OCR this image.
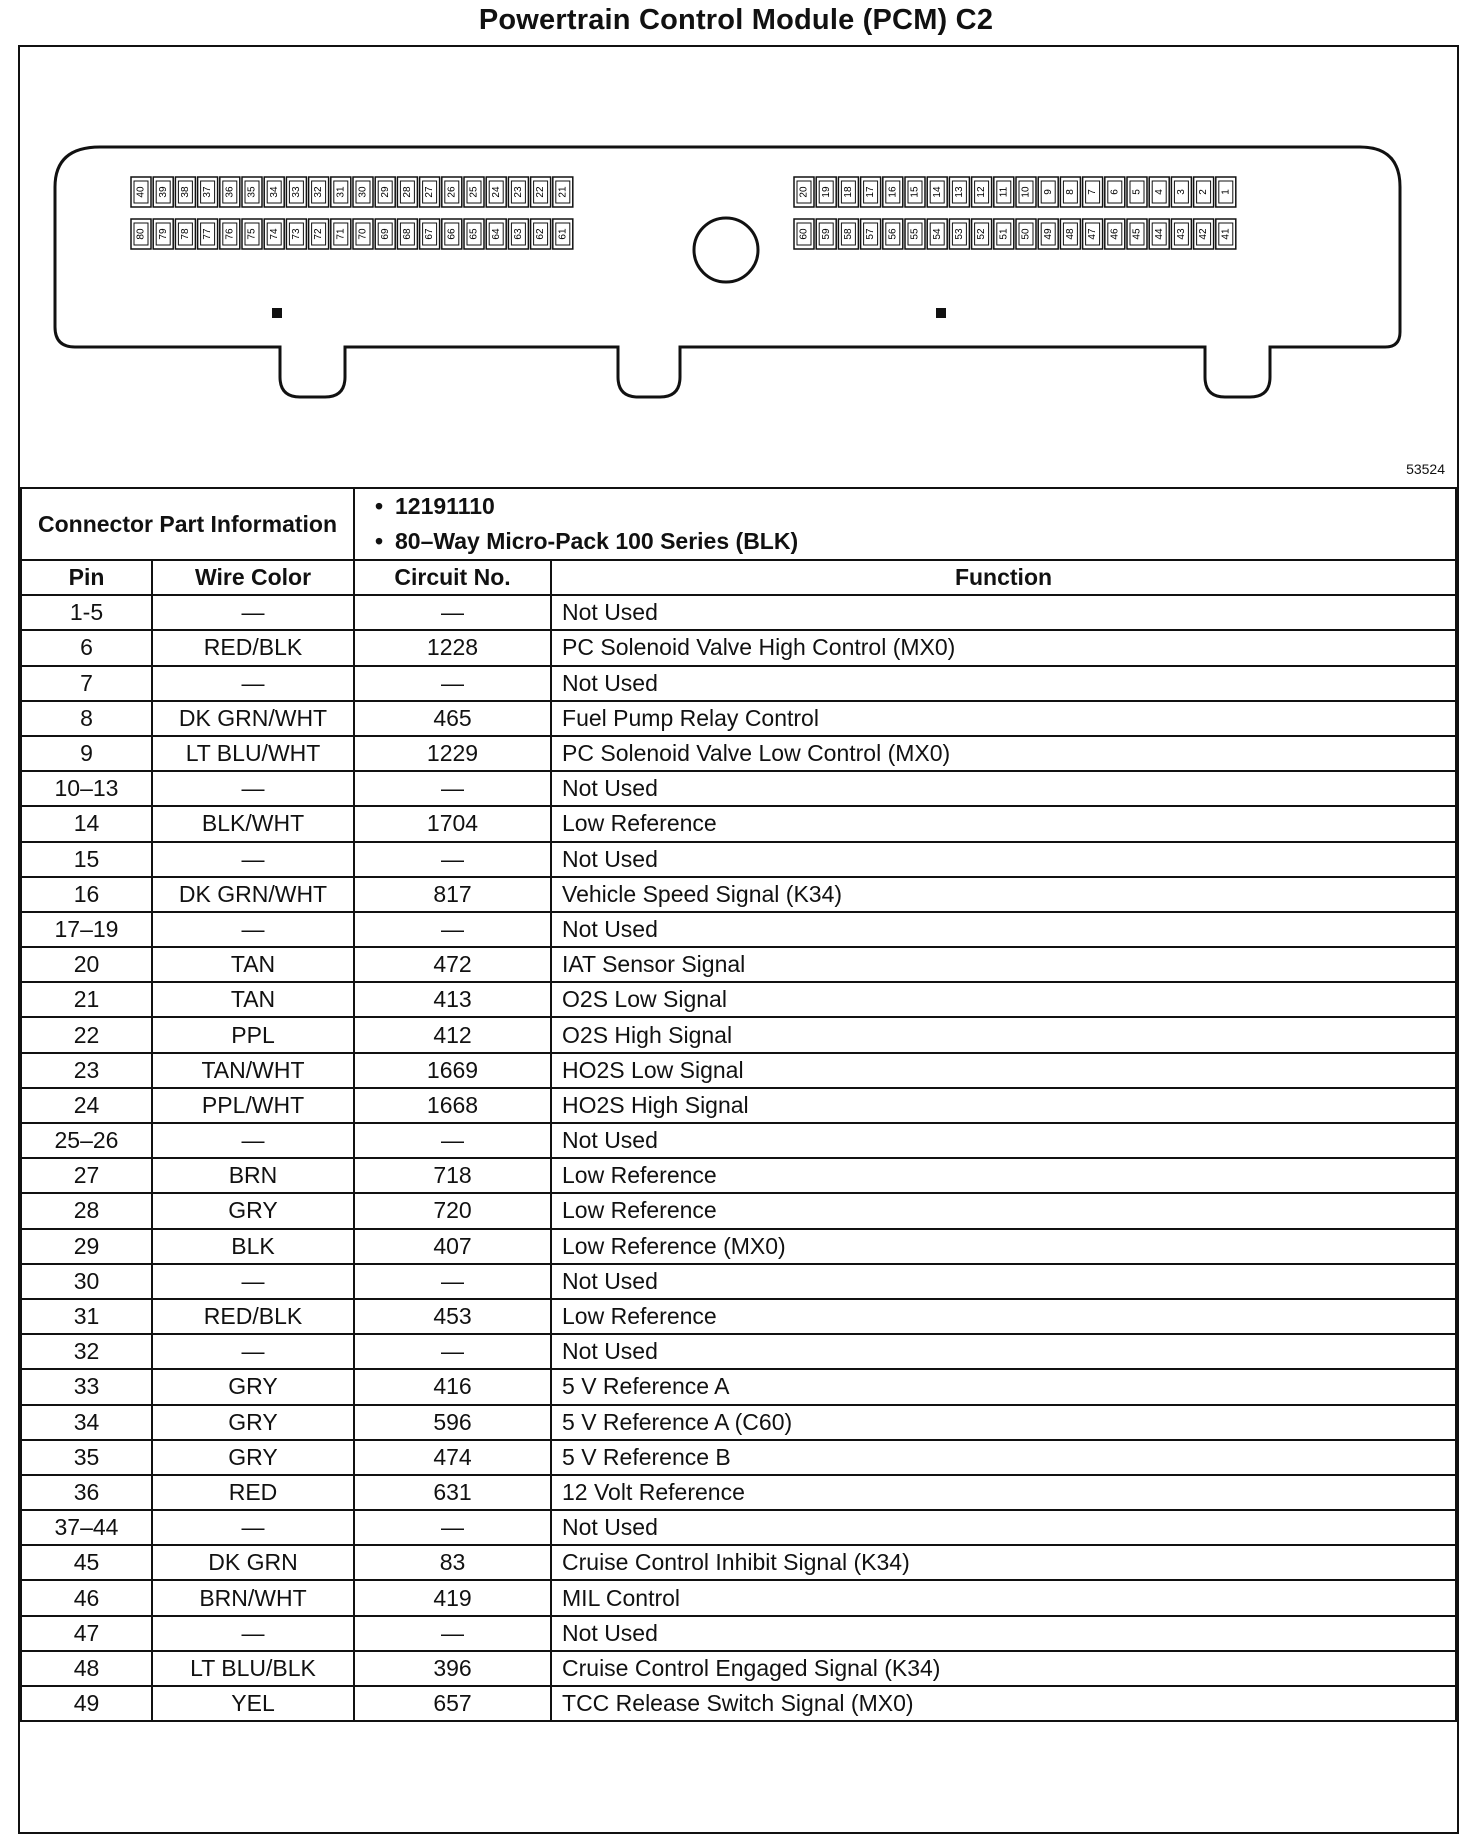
Powertrain Control Module (PCM) C2
40 39 38 37 36 35 34 33 32 31 30 29 28 27 26 25 24 23 22 21
80 79 78 77 76 75 74 73 72 71 70 69 68 67 66 65 64 63 62 61
20 19 18 17 16 15 14 13 12 11 10 9 8 7 6 5 4 3 2 1
60 59 58 57 56 55 54 53 52 51 50 49 48 47 46 45 44 43 42 41
53524
Connector Part Information		• 12191110
• 80–Way Micro-Pack 100 Series (BLK)

Pin	Wire Color	Circuit No.	Function
1-5	—	—	Not Used
6	RED/BLK	1228	PC Solenoid Valve High Control (MX0)
7	—	—	Not Used
8	DK GRN/WHT	465	Fuel Pump Relay Control
9	LT BLU/WHT	1229	PC Solenoid Valve Low Control (MX0)
10–13	—	—	Not Used
14	BLK/WHT	1704	Low Reference
15	—	—	Not Used
16	DK GRN/WHT	817	Vehicle Speed Signal (K34)
17–19	—	—	Not Used
20	TAN	472	IAT Sensor Signal
21	TAN	413	O2S Low Signal
22	PPL	412	O2S High Signal
23	TAN/WHT	1669	HO2S Low Signal
24	PPL/WHT	1668	HO2S High Signal
25–26	—	—	Not Used
27	BRN	718	Low Reference
28	GRY	720	Low Reference
29	BLK	407	Low Reference (MX0)
30	—	—	Not Used
31	RED/BLK	453	Low Reference
32	—	—	Not Used
33	GRY	416	5 V Reference A
34	GRY	596	5 V Reference A (C60)
35	GRY	474	5 V Reference B
36	RED	631	12 Volt Reference
37–44	—	—	Not Used
45	DK GRN	83	Cruise Control Inhibit Signal (K34)
46	BRN/WHT	419	MIL Control
47	—	—	Not Used
48	LT BLU/BLK	396	Cruise Control Engaged Signal (K34)
49	YEL	657	TCC Release Switch Signal (MX0)
